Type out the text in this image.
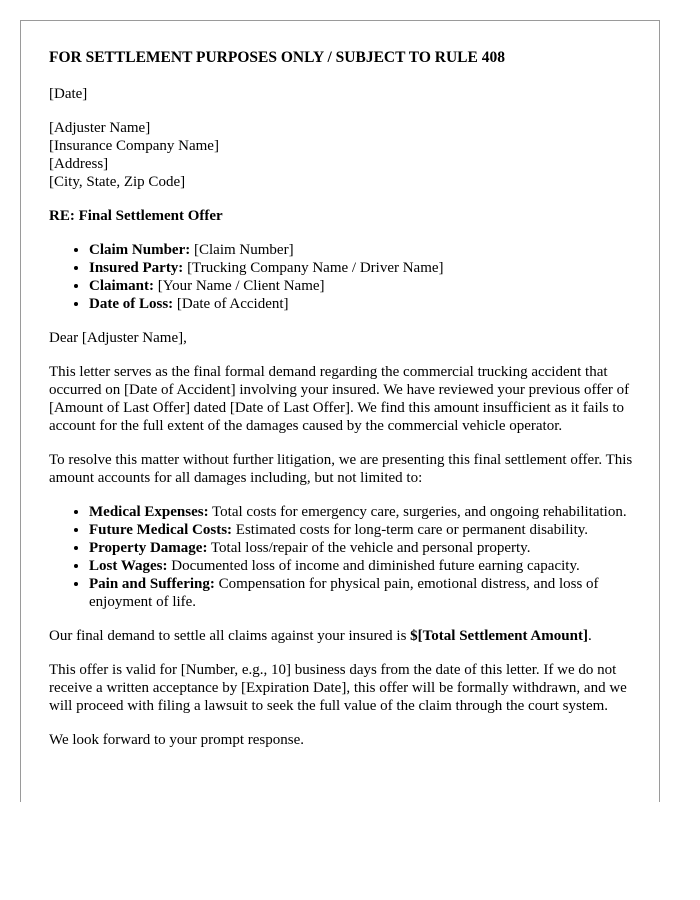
FOR SETTLEMENT PURPOSES ONLY / SUBJECT TO RULE 408

[Date]

[Adjuster Name]

[Insurance Company Name]

[Address]

[City, State, Zip Code]

RE: Final Settlement Offer

• Claim Number: [Claim Number]
• Insured Party: [Trucking Company Name / Driver Name]
• Claimant: [Your Name / Client Name]
• Date of Loss: [Date of Accident]

Dear [Adjuster Name],

This letter serves as the final formal demand regarding the commercial trucking accident that occurred on [Date of Accident] involving your insured. We have reviewed your previous offer of [Amount of Last Offer] dated [Date of Last Offer]. We find this amount insufficient as it fails to account for the full extent of the damages caused by the commercial vehicle operator.

To resolve this matter without further litigation, we are presenting this final settlement offer. This amount accounts for all damages including, but not limited to:

• Medical Expenses: Total costs for emergency care, surgeries, and ongoing rehabilitation.
• Future Medical Costs: Estimated costs for long-term care or permanent disability.
• Property Damage: Total loss/repair of the vehicle and personal property.
• Lost Wages: Documented loss of income and diminished future earning capacity.
• Pain and Suffering: Compensation for physical pain, emotional distress, and loss of enjoyment of life.

Our final demand to settle all claims against your insured is $[Total Settlement Amount].

This offer is valid for [Number, e.g., 10] business days from the date of this letter. If we do not receive a written acceptance by [Expiration Date], this offer will be formally withdrawn, and we will proceed with filing a lawsuit to seek the full value of the claim through the court system.

We look forward to your prompt response.
